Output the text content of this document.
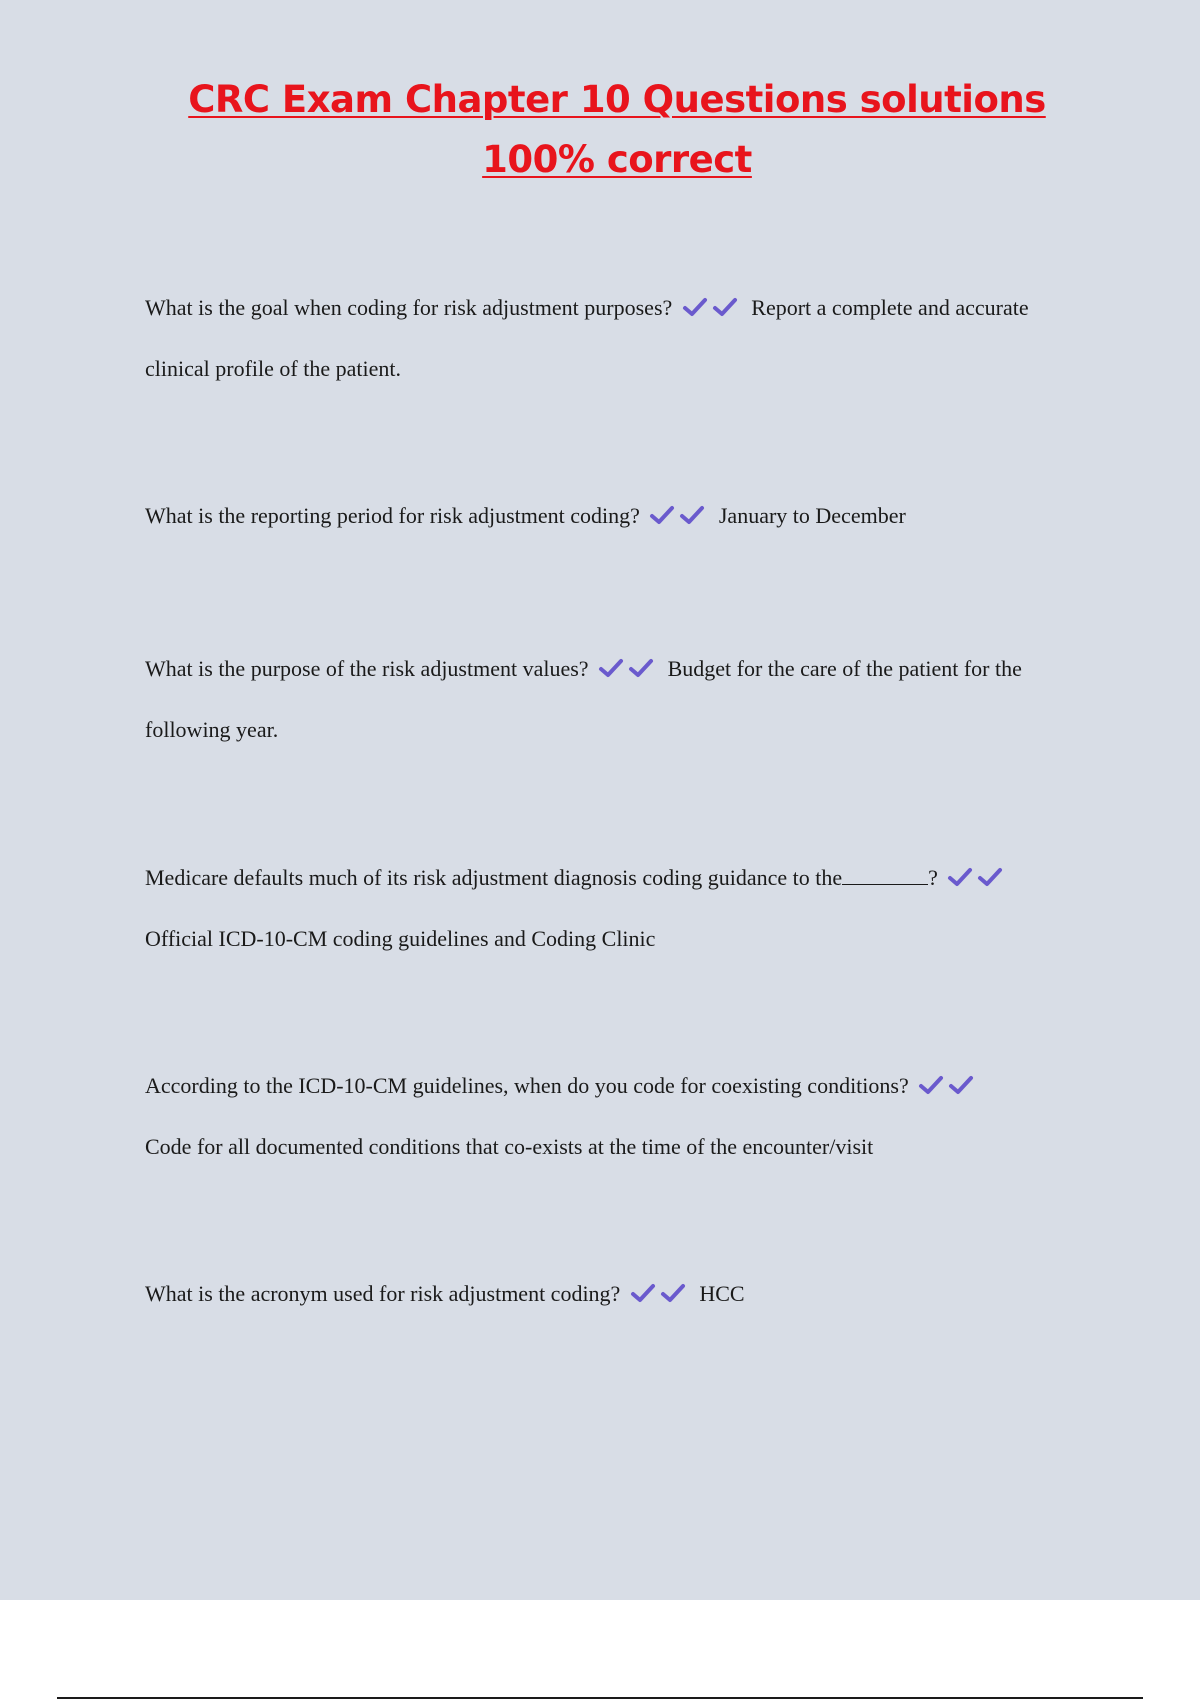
CRC Exam Chapter 10 Questions solutions
100% correct
What is the goal when coding for risk adjustment purposes?	Report a complete and accurate clinical profile of the patient.
What is the reporting period for risk adjustment coding?	January to December
What is the purpose of the risk adjustment values?	Budget for the care of the patient for the following year.
Medicare defaults much of its risk adjustment diagnosis coding guidance to the	?

Official ICD-10-CM coding guidelines and Coding Clinic
According to the ICD-10-CM guidelines, when do you code for coexisting conditions?

Code for all documented conditions that co-exists at the time of the encounter/visit
What is the acronym used for risk adjustment coding?	HCC
